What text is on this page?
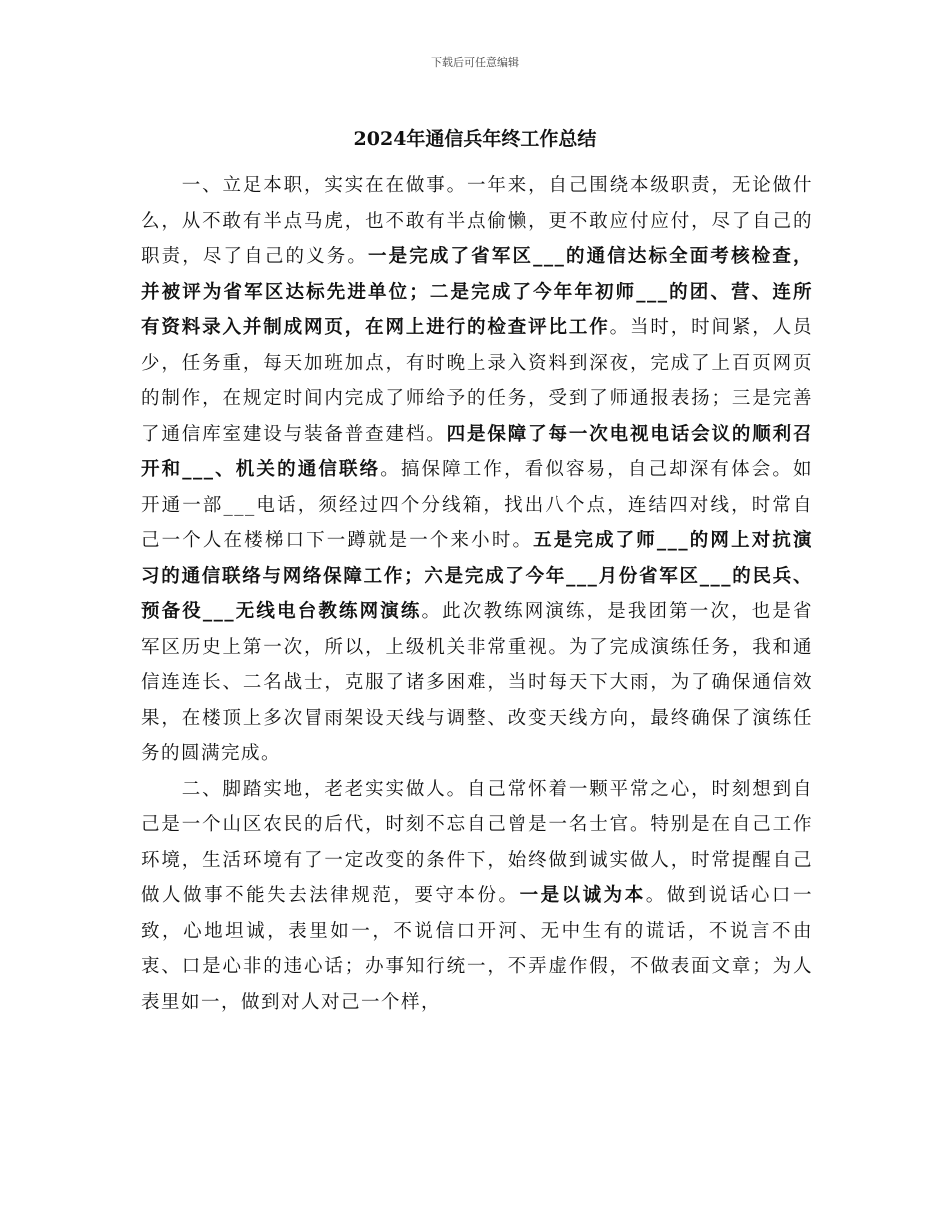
下载后可任意编辑
2024年通信兵年终工作总结

一、立足本职，实实在在做事。一年来，自己围绕本级职责，无论做什么，从不敢有半点马虎，也不敢有半点偷懒，更不敢应付应付，尽了自己的职责，尽了自己的义务。一是完成了省军区___的通信达标全面考核检查，并被评为省军区达标先进单位；二是完成了今年年初师___的团、营、连所有资料录入并制成网页，在网上进行的检查评比工作。当时，时间紧，人员少，任务重，每天加班加点，有时晚上录入资料到深夜，完成了上百页网页的制作，在规定时间内完成了师给予的任务，受到了师通报表扬；三是完善了通信库室建设与装备普查建档。四是保障了每一次电视电话会议的顺利召开和___、机关的通信联络。搞保障工作，看似容易，自己却深有体会。如开通一部___电话，须经过四个分线箱，找出八个点，连结四对线，时常自己一个人在楼梯口下一蹲就是一个来小时。五是完成了师___的网上对抗演习的通信联络与网络保障工作；六是完成了今年___月份省军区___的民兵、预备役___无线电台教练网演练。此次教练网演练，是我团第一次，也是省军区历史上第一次，所以，上级机关非常重视。为了完成演练任务，我和通信连连长、二名战士，克服了诸多困难，当时每天下大雨，为了确保通信效果，在楼顶上多次冒雨架设天线与调整、改变天线方向，最终确保了演练任务的圆满完成。

二、脚踏实地，老老实实做人。自己常怀着一颗平常之心，时刻想到自己是一个山区农民的后代，时刻不忘自己曾是一名士官。特别是在自己工作环境，生活环境有了一定改变的条件下，始终做到诚实做人，时常提醒自己做人做事不能失去法律规范，要守本份。一是以诚为本。做到说话心口一致，心地坦诚，表里如一，不说信口开河、无中生有的谎话，不说言不由衷、口是心非的违心话；办事知行统一，不弄虚作假，不做表面文章；为人表里如一，做到对人对己一个样，
